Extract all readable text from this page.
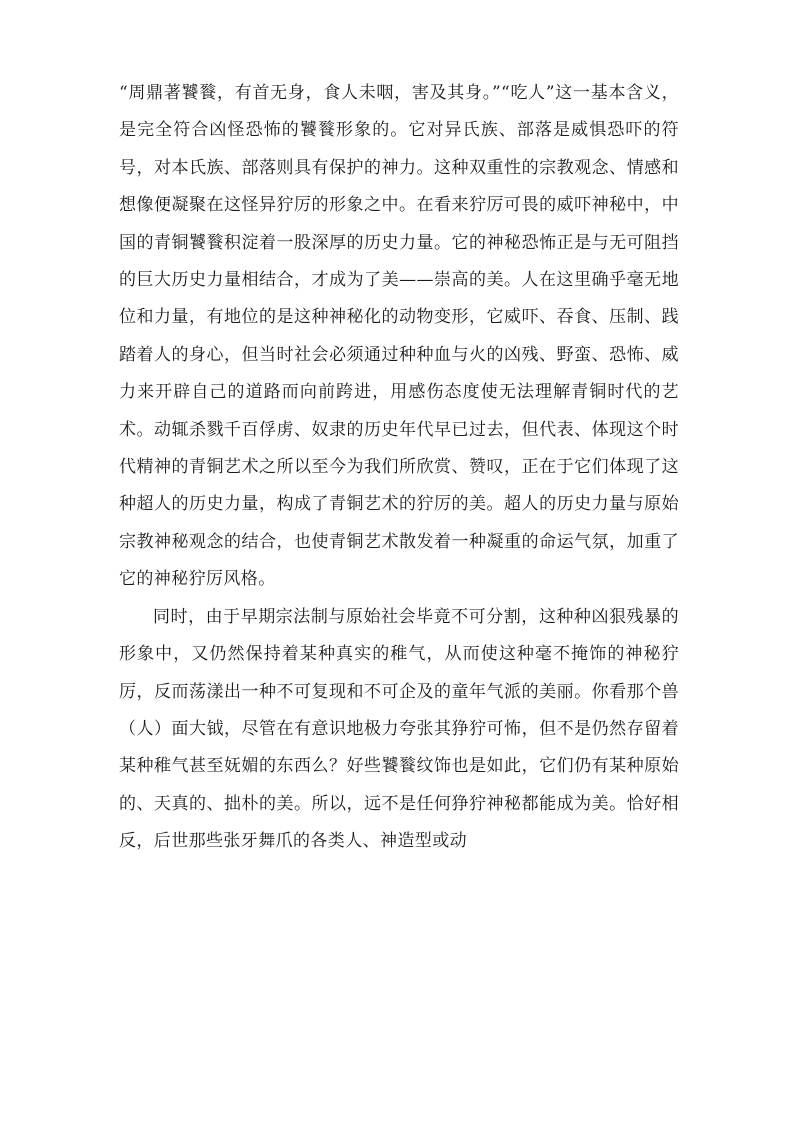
“周鼎著饕餮，有首无身，食人未咽，害及其身。”“吃人”这一基本含义，是完全符合凶怪恐怖的饕餮形象的。它对异氏族、部落是威惧恐吓的符号，对本氏族、部落则具有保护的神力。这种双重性的宗教观念、情感和想像便凝聚在这怪异狞厉的形象之中。在看来狞厉可畏的威吓神秘中，中国的青铜饕餮积淀着一股深厚的历史力量。它的神秘恐怖正是与无可阻挡的巨大历史力量相结合，才成为了美——崇高的美。人在这里确乎毫无地位和力量，有地位的是这种神秘化的动物变形，它威吓、吞食、压制、践踏着人的身心，但当时社会必须通过种种血与火的凶残、野蛮、恐怖、威力来开辟自己的道路而向前跨进，用感伤态度使无法理解青铜时代的艺术。动辄杀戮千百俘虏、奴隶的历史年代早已过去，但代表、体现这个时代精神的青铜艺术之所以至今为我们所欣赏、赞叹，正在于它们体现了这种超人的历史力量，构成了青铜艺术的狞厉的美。超人的历史力量与原始宗教神秘观念的结合，也使青铜艺术散发着一种凝重的命运气氛，加重了它的神秘狞厉风格。

同时，由于早期宗法制与原始社会毕竟不可分割，这种种凶狠残暴的形象中，又仍然保持着某种真实的稚气，从而使这种毫不掩饰的神秘狞厉，反而荡漾出一种不可复现和不可企及的童年气派的美丽。你看那个兽（人）面大钺，尽管在有意识地极力夸张其狰狞可怖，但不是仍然存留着某种稚气甚至妩媚的东西么？好些饕餮纹饰也是如此，它们仍有某种原始的、天真的、拙朴的美。所以，远不是任何狰狞神秘都能成为美。恰好相反，后世那些张牙舞爪的各类人、神造型或动
